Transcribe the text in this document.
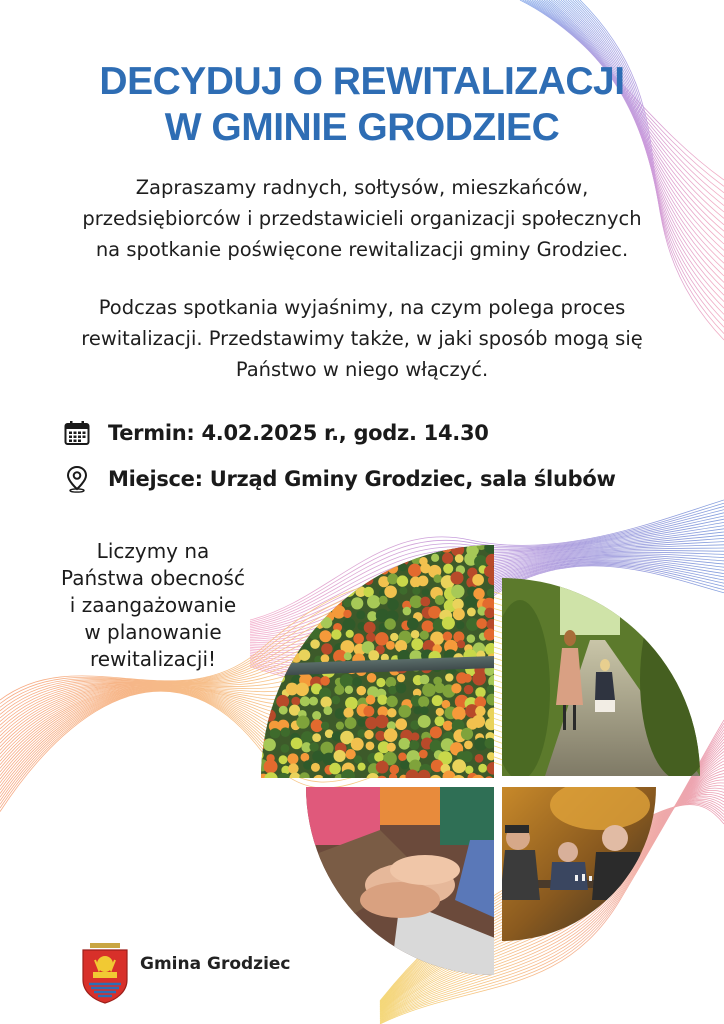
DECYDUJ O REWITALIZACJI
W GMINIE GRODZIEC
Zapraszamy radnych, sołtysów, mieszkańców,
przedsiębiorców i przedstawicieli organizacji społecznych
na spotkanie poświęcone rewitalizacji gminy Grodziec.
Podczas spotkania wyjaśnimy, na czym polega proces
rewitalizacji. Przedstawimy także, w jaki sposób mogą się
Państwo w niego włączyć.
Termin: 4.02.2025 r., godz. 14.30
Miejsce: Urząd Gminy Grodziec, sala ślubów
Liczymy na
Państwa obecność
i zaangażowanie
w planowanie
rewitalizacji!
Gmina Grodziec
